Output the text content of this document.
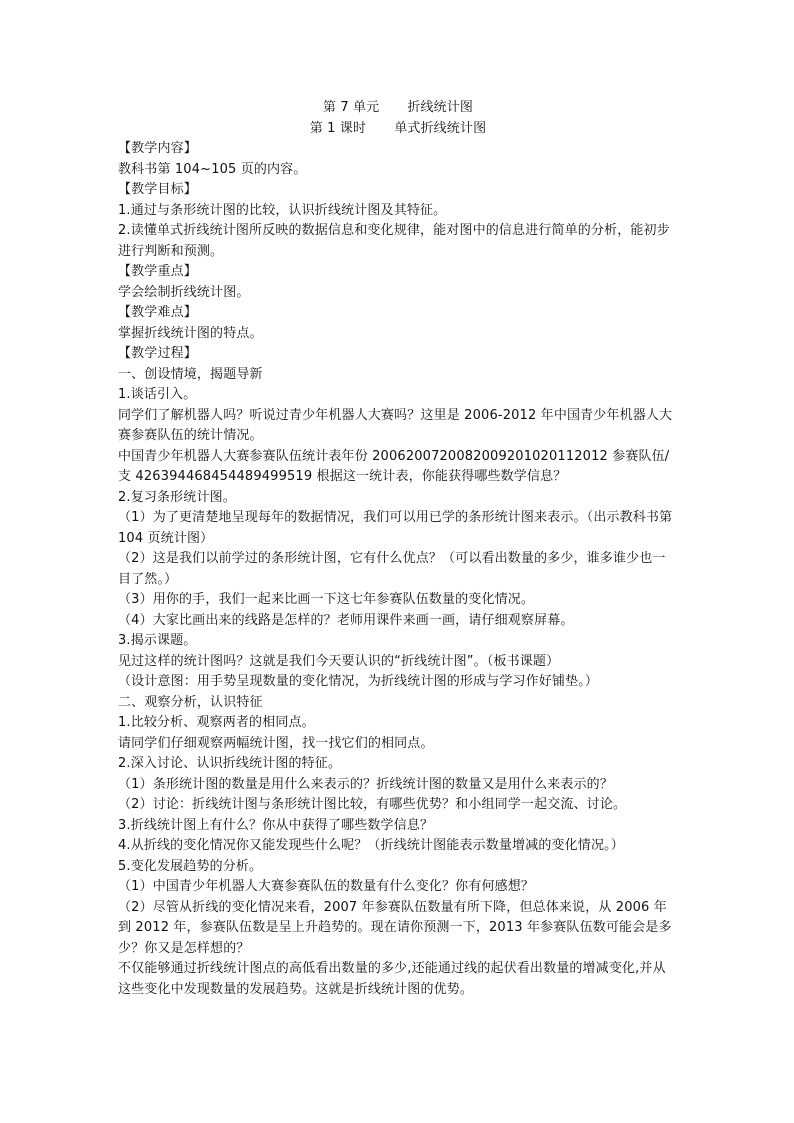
第 7 单元 折线统计图
第 1 课时 单式折线统计图

【教学内容】

教科书第 104~105 页的内容。

【教学目标】

1.通过与条形统计图的比较，认识折线统计图及其特征。

2.读懂单式折线统计图所反映的数据信息和变化规律，能对图中的信息进行简单的分析，能初步进行判断和预测。

【教学重点】

学会绘制折线统计图。

【教学难点】

掌握折线统计图的特点。

【教学过程】

一、创设情境，揭题导新

1.谈话引入。

同学们了解机器人吗？听说过青少年机器人大赛吗？这里是 2006-2012 年中国青少年机器人大赛参赛队伍的统计情况。

中国青少年机器人大赛参赛队伍统计表年份 2006200720082009201020112012 参赛队伍/支 426394468454489499519 根据这一统计表，你能获得哪些数学信息？

2.复习条形统计图。

（1）为了更清楚地呈现每年的数据情况，我们可以用已学的条形统计图来表示。（出示教科书第 104 页统计图）

（2）这是我们以前学过的条形统计图，它有什么优点？（可以看出数量的多少，谁多谁少也一目了然。）

（3）用你的手，我们一起来比画一下这七年参赛队伍数量的变化情况。

（4）大家比画出来的线路是怎样的？老师用课件来画一画，请仔细观察屏幕。

3.揭示课题。

见过这样的统计图吗？这就是我们今天要认识的“折线统计图”。（板书课题）

（设计意图：用手势呈现数量的变化情况，为折线统计图的形成与学习作好铺垫。）

二、观察分析，认识特征

1.比较分析、观察两者的相同点。

请同学们仔细观察两幅统计图，找一找它们的相同点。

2.深入讨论、认识折线统计图的特征。

（1）条形统计图的数量是用什么来表示的？折线统计图的数量又是用什么来表示的？

（2）讨论：折线统计图与条形统计图比较，有哪些优势？和小组同学一起交流、讨论。

3.折线统计图上有什么？你从中获得了哪些数学信息？

4.从折线的变化情况你又能发现些什么呢？（折线统计图能表示数量增减的变化情况。）

5.变化发展趋势的分析。

（1）中国青少年机器人大赛参赛队伍的数量有什么变化？你有何感想？

（2）尽管从折线的变化情况来看，2007 年参赛队伍数量有所下降，但总体来说，从 2006 年到 2012 年，参赛队伍数是呈上升趋势的。现在请你预测一下，2013 年参赛队伍数可能会是多少？你又是怎样想的？

不仅能够通过折线统计图点的高低看出数量的多少,还能通过线的起伏看出数量的增减变化,并从这些变化中发现数量的发展趋势。这就是折线统计图的优势。
